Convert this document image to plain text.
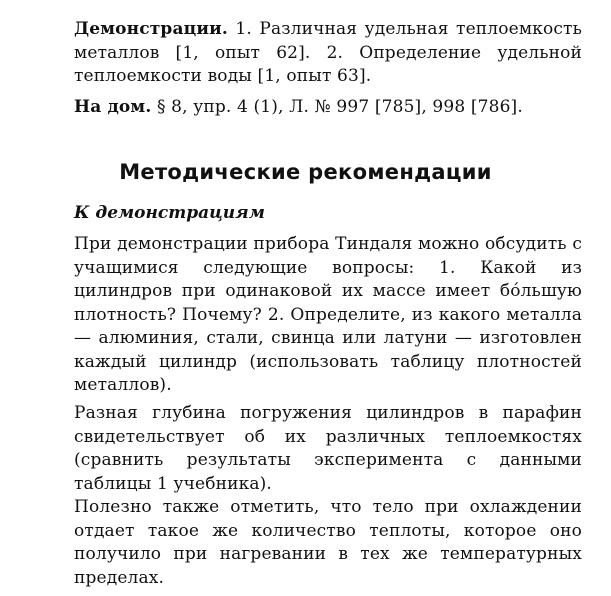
Демонстрации. 1. Различная удельная теплоемкость металлов [1, опыт 62]. 2. Определение удельной теплоемкости воды [1, опыт 63].

На дом. § 8, упр. 4 (1), Л. № 997 [785], 998 [786].

Методические рекомендации
К демонстрациям

При демонстрации прибора Тиндаля можно обсудить с учащимися следующие вопросы: 1. Какой из цилиндров при одинаковой их массе имеет бóльшую плотность? Почему? 2. Определите, из какого металла — алюминия, стали, свинца или латуни — изготовлен каждый цилиндр (использовать таблицу плотностей металлов).

Разная глубина погружения цилиндров в парафин свидетельствует об их различных теплоемкостях (сравнить результаты эксперимента с данными таблицы 1 учебника).

Полезно также отметить, что тело при охлаждении отдает такое же количество теплоты, которое оно получило при нагревании в тех же температурных пределах.
